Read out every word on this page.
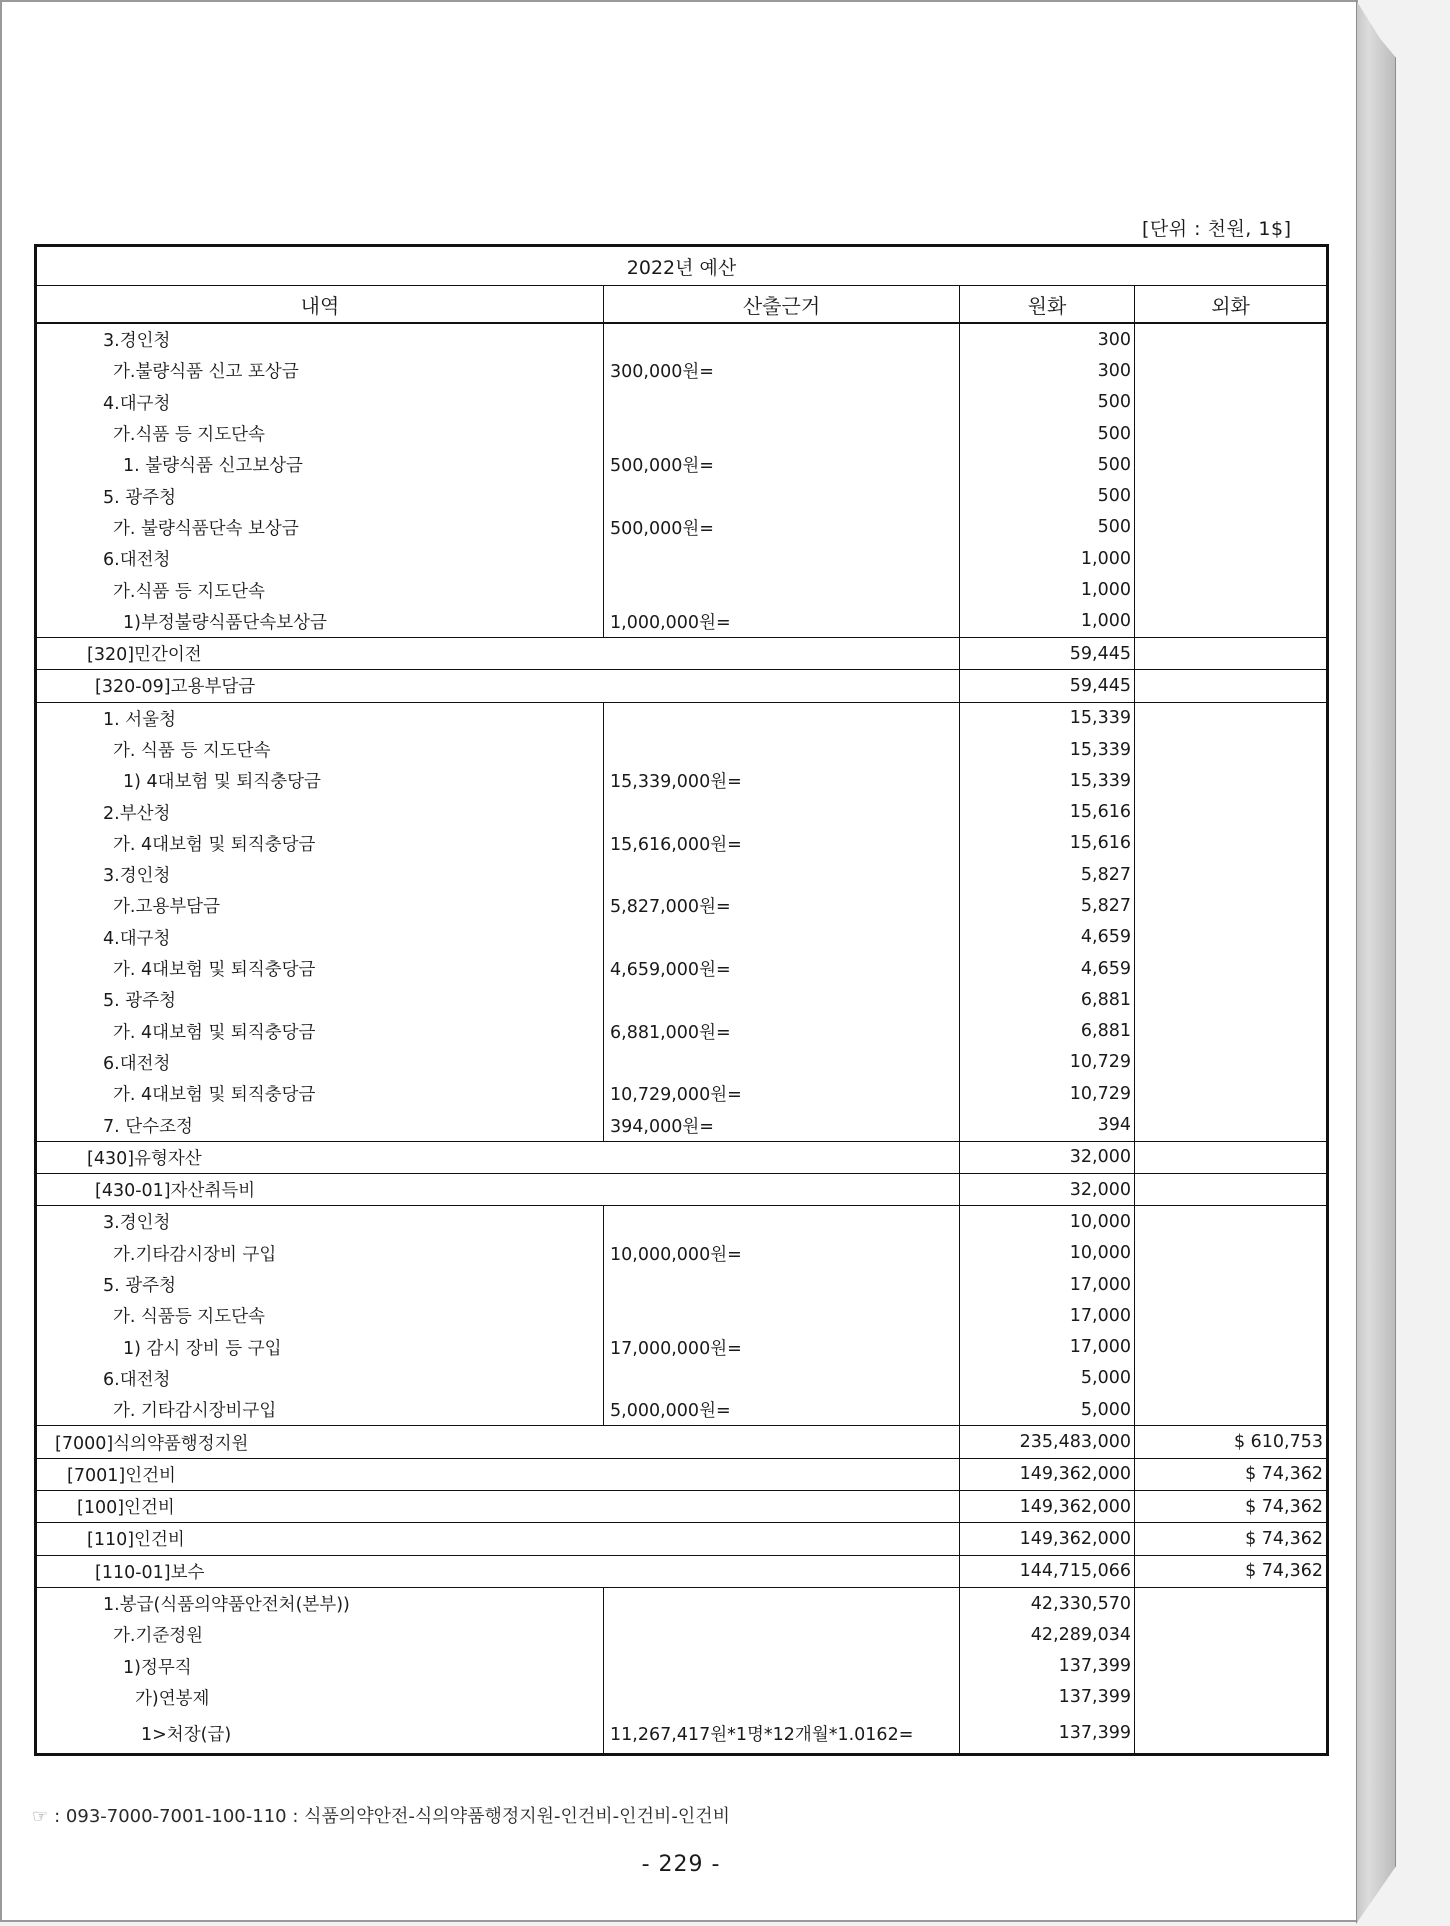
[단위 : 천원, 1$]
2022년 예산			
내역	산출근거	원화	외화
3.경인청		300	
가.불량식품 신고 포상금	300,000원=	300	
4.대구청		500	
가.식품 등 지도단속		500	
1. 불량식품 신고보상금	500,000원=	500	
5. 광주청		500	
가. 불량식품단속 보상금	500,000원=	500	
6.대전청		1,000	
가.식품 등 지도단속		1,000	
1)부정불량식품단속보상금	1,000,000원=	1,000	
[320]민간이전		59,445	
[320-09]고용부담금		59,445	
1. 서울청		15,339	
가. 식품 등 지도단속		15,339	
1) 4대보험 및 퇴직충당금	15,339,000원=	15,339	
2.부산청		15,616	
가. 4대보험 및 퇴직충당금	15,616,000원=	15,616	
3.경인청		5,827	
가.고용부담금	5,827,000원=	5,827	
4.대구청		4,659	
가. 4대보험 및 퇴직충당금	4,659,000원=	4,659	
5. 광주청		6,881	
가. 4대보험 및 퇴직충당금	6,881,000원=	6,881	
6.대전청		10,729	
가. 4대보험 및 퇴직충당금	10,729,000원=	10,729	
7. 단수조정	394,000원=	394	
[430]유형자산		32,000	
[430-01]자산취득비		32,000	
3.경인청		10,000	
가.기타감시장비 구입	10,000,000원=	10,000	
5. 광주청		17,000	
가. 식품등 지도단속		17,000	
1) 감시 장비 등 구입	17,000,000원=	17,000	
6.대전청		5,000	
가. 기타감시장비구입	5,000,000원=	5,000	
[7000]식의약품행정지원		235,483,000	$ 610,753
[7001]인건비		149,362,000	$ 74,362
[100]인건비		149,362,000	$ 74,362
[110]인건비		149,362,000	$ 74,362
[110-01]보수		144,715,066	$ 74,362
1.봉급(식품의약품안전처(본부))		42,330,570	
가.기준정원		42,289,034	
1)정무직		137,399	
가)연봉제		137,399	
1>처장(급)	11,267,417원*1명*12개월*1.0162=	137,399	
☞ : 093-7000-7001-100-110 : 식품의약안전-식의약품행정지원-인건비-인건비-인건비
- 229 -
